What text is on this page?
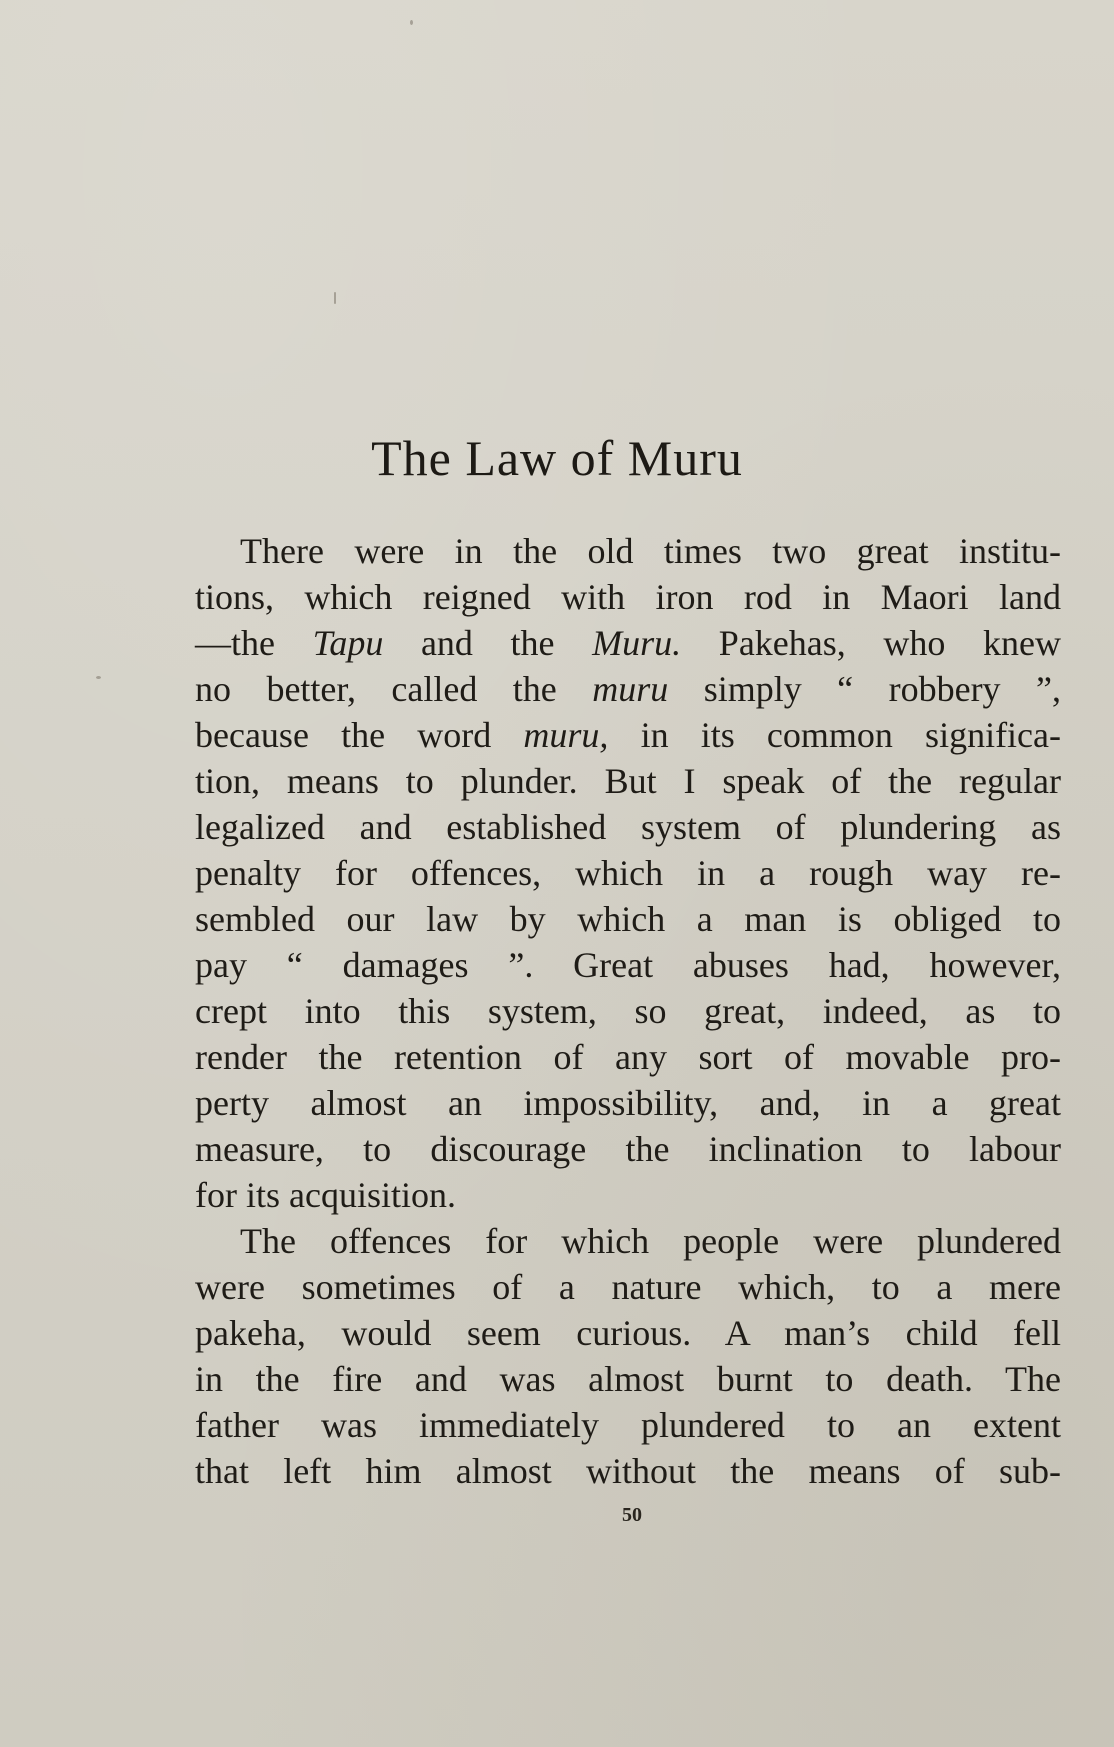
The Law of Muru
There were in the old times two great institu-
tions, which reigned with iron rod in Maori land
—the Tapu and the Muru. Pakehas, who knew
no better, called the muru simply “ robbery ”,
because the word muru, in its common significa-
tion, means to plunder. But I speak of the regular
legalized and established system of plundering as
penalty for offences, which in a rough way re-
sembled our law by which a man is obliged to
pay “ damages ”. Great abuses had, however,
crept into this system, so great, indeed, as to
render the retention of any sort of movable pro-
perty almost an impossibility, and, in a great
measure, to discourage the inclination to labour
for its acquisition.
The offences for which people were plundered
were sometimes of a nature which, to a mere
pakeha, would seem curious. A man’s child fell
in the fire and was almost burnt to death. The
father was immediately plundered to an extent
that left him almost without the means of sub-
50
